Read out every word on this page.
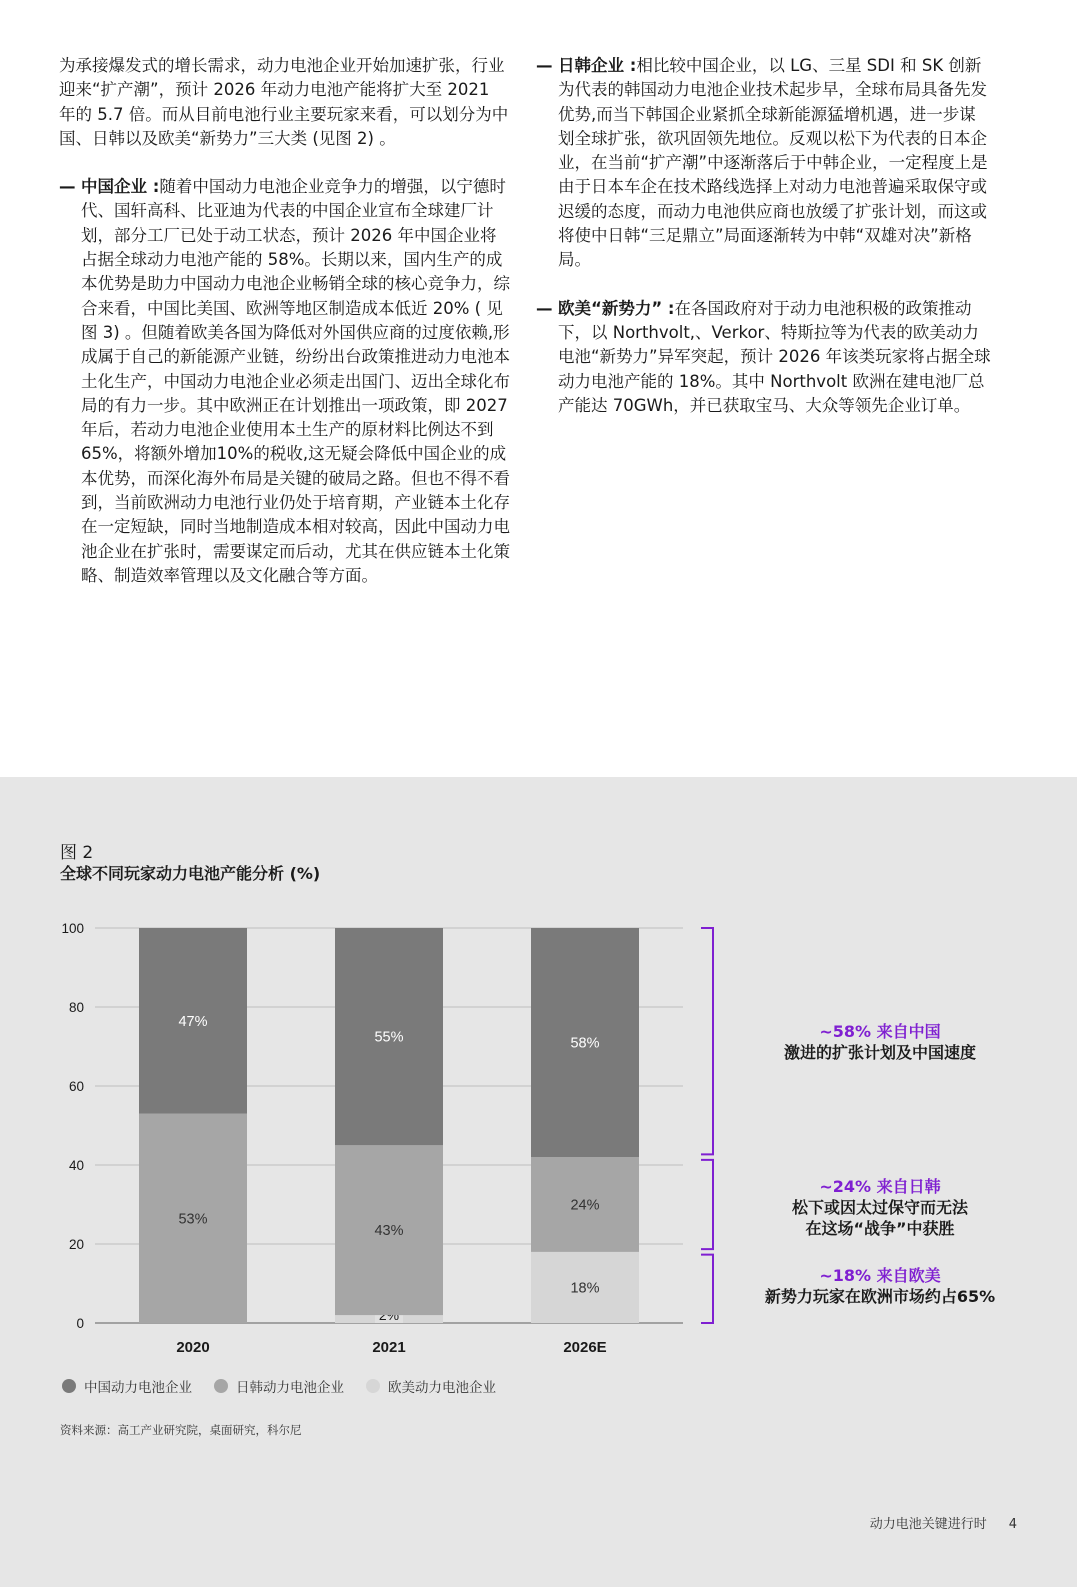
为承接爆发式的增长需求，动力电池企业开始加速扩张，行业迎来“扩产潮”，预计 2026 年动力电池产能将扩大至 2021 年的 5.7 倍。而从目前电池行业主要玩家来看，可以划分为中国、日韩以及欧美“新势力”三大类 (见图 2) 。

— 中国企业 :随着中国动力电池企业竞争力的增强，以宁德时代、国轩高科、比亚迪为代表的中国企业宣布全球建厂计划，部分工厂已处于动工状态，预计 2026 年中国企业将占据全球动力电池产能的 58%。长期以来，国内生产的成本优势是助力中国动力电池企业畅销全球的核心竞争力，综合来看，中国比美国、欧洲等地区制造成本低近 20% ( 见图 3) 。但随着欧美各国为降低对外国供应商的过度依赖,形成属于自己的新能源产业链，纷纷出台政策推进动力电池本土化生产，中国动力电池企业必须走出国门、迈出全球化布局的有力一步。其中欧洲正在计划推出一项政策，即 2027 年后，若动力电池企业使用本土生产的原材料比例达不到 65%，将额外增加10%的税收,这无疑会降低中国企业的成本优势，而深化海外布局是关键的破局之路。但也不得不看到，当前欧洲动力电池行业仍处于培育期，产业链本土化存在一定短缺，同时当地制造成本相对较高，因此中国动力电池企业在扩张时，需要谋定而后动，尤其在供应链本土化策略、制造效率管理以及文化融合等方面。
— 日韩企业 :相比较中国企业，以 LG、三星 SDI 和 SK 创新为代表的韩国动力电池企业技术起步早，全球布局具备先发优势,而当下韩国企业紧抓全球新能源猛增机遇，进一步谋划全球扩张，欲巩固领先地位。反观以松下为代表的日本企业，在当前“扩产潮”中逐渐落后于中韩企业，一定程度上是由于日本车企在技术路线选择上对动力电池普遍采取保守或迟缓的态度，而动力电池供应商也放缓了扩张计划，而这或将使中日韩“三足鼎立”局面逐渐转为中韩“双雄对决”新格局。
— 欧美“新势力” :在各国政府对于动力电池积极的政策推动下，以 Northvolt,、Verkor、特斯拉等为代表的欧美动力电池“新势力”异军突起，预计 2026 年该类玩家将占据全球动力电池产能的 18%。其中 Northvolt 欧洲在建电池厂总产能达 70GWh，并已获取宝马、大众等领先企业订单。
图 2
全球不同玩家动力电池产能分析 (%)
0
20
40
60
80
100
53%
47%
2020
43%
55%
2021
18%
24%
58%
2026E
~58% 来自中国
激进的扩张计划及中国速度
~24% 来自日韩
松下或因太过保守而无法
在这场“战争”中获胜
~18% 来自欧美
新势力玩家在欧洲市场约占65%
中国动力电池企业	日韩动力电池企业	欧美动力电池企业
资料来源：高工产业研究院，桌面研究，科尔尼
动力电池关键进行时 4
